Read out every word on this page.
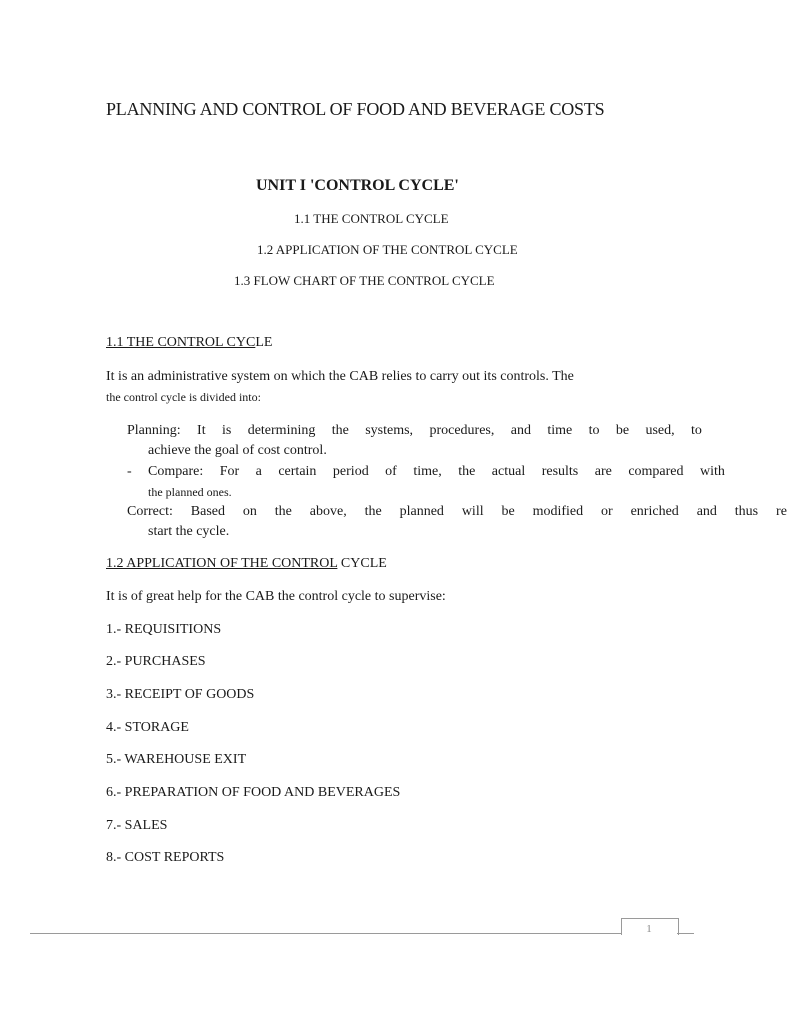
PLANNING AND CONTROL OF FOOD AND BEVERAGE COSTS
UNIT I 'CONTROL CYCLE'
1.1 THE CONTROL CYCLE
1.2 APPLICATION OF THE CONTROL CYCLE
1.3 FLOW CHART OF THE CONTROL CYCLE
1.1 THE CONTROL CYCLE
It is an administrative system on which the CAB relies to carry out its controls. The
the control cycle is divided into:
Planning: It is determining the systems, procedures, and time to be used, to
achieve the goal of cost control.
- Compare: For a certain period of time, the actual results are compared with
the planned ones.
Correct: Based on the above, the planned will be modified or enriched and thus re
start the cycle.
1.2 APPLICATION OF THE CONTROL CYCLE
It is of great help for the CAB the control cycle to supervise:
1.- REQUISITIONS
2.- PURCHASES
3.- RECEIPT OF GOODS
4.- STORAGE
5.- WAREHOUSE EXIT
6.- PREPARATION OF FOOD AND BEVERAGES
7.- SALES
8.- COST REPORTS
1
